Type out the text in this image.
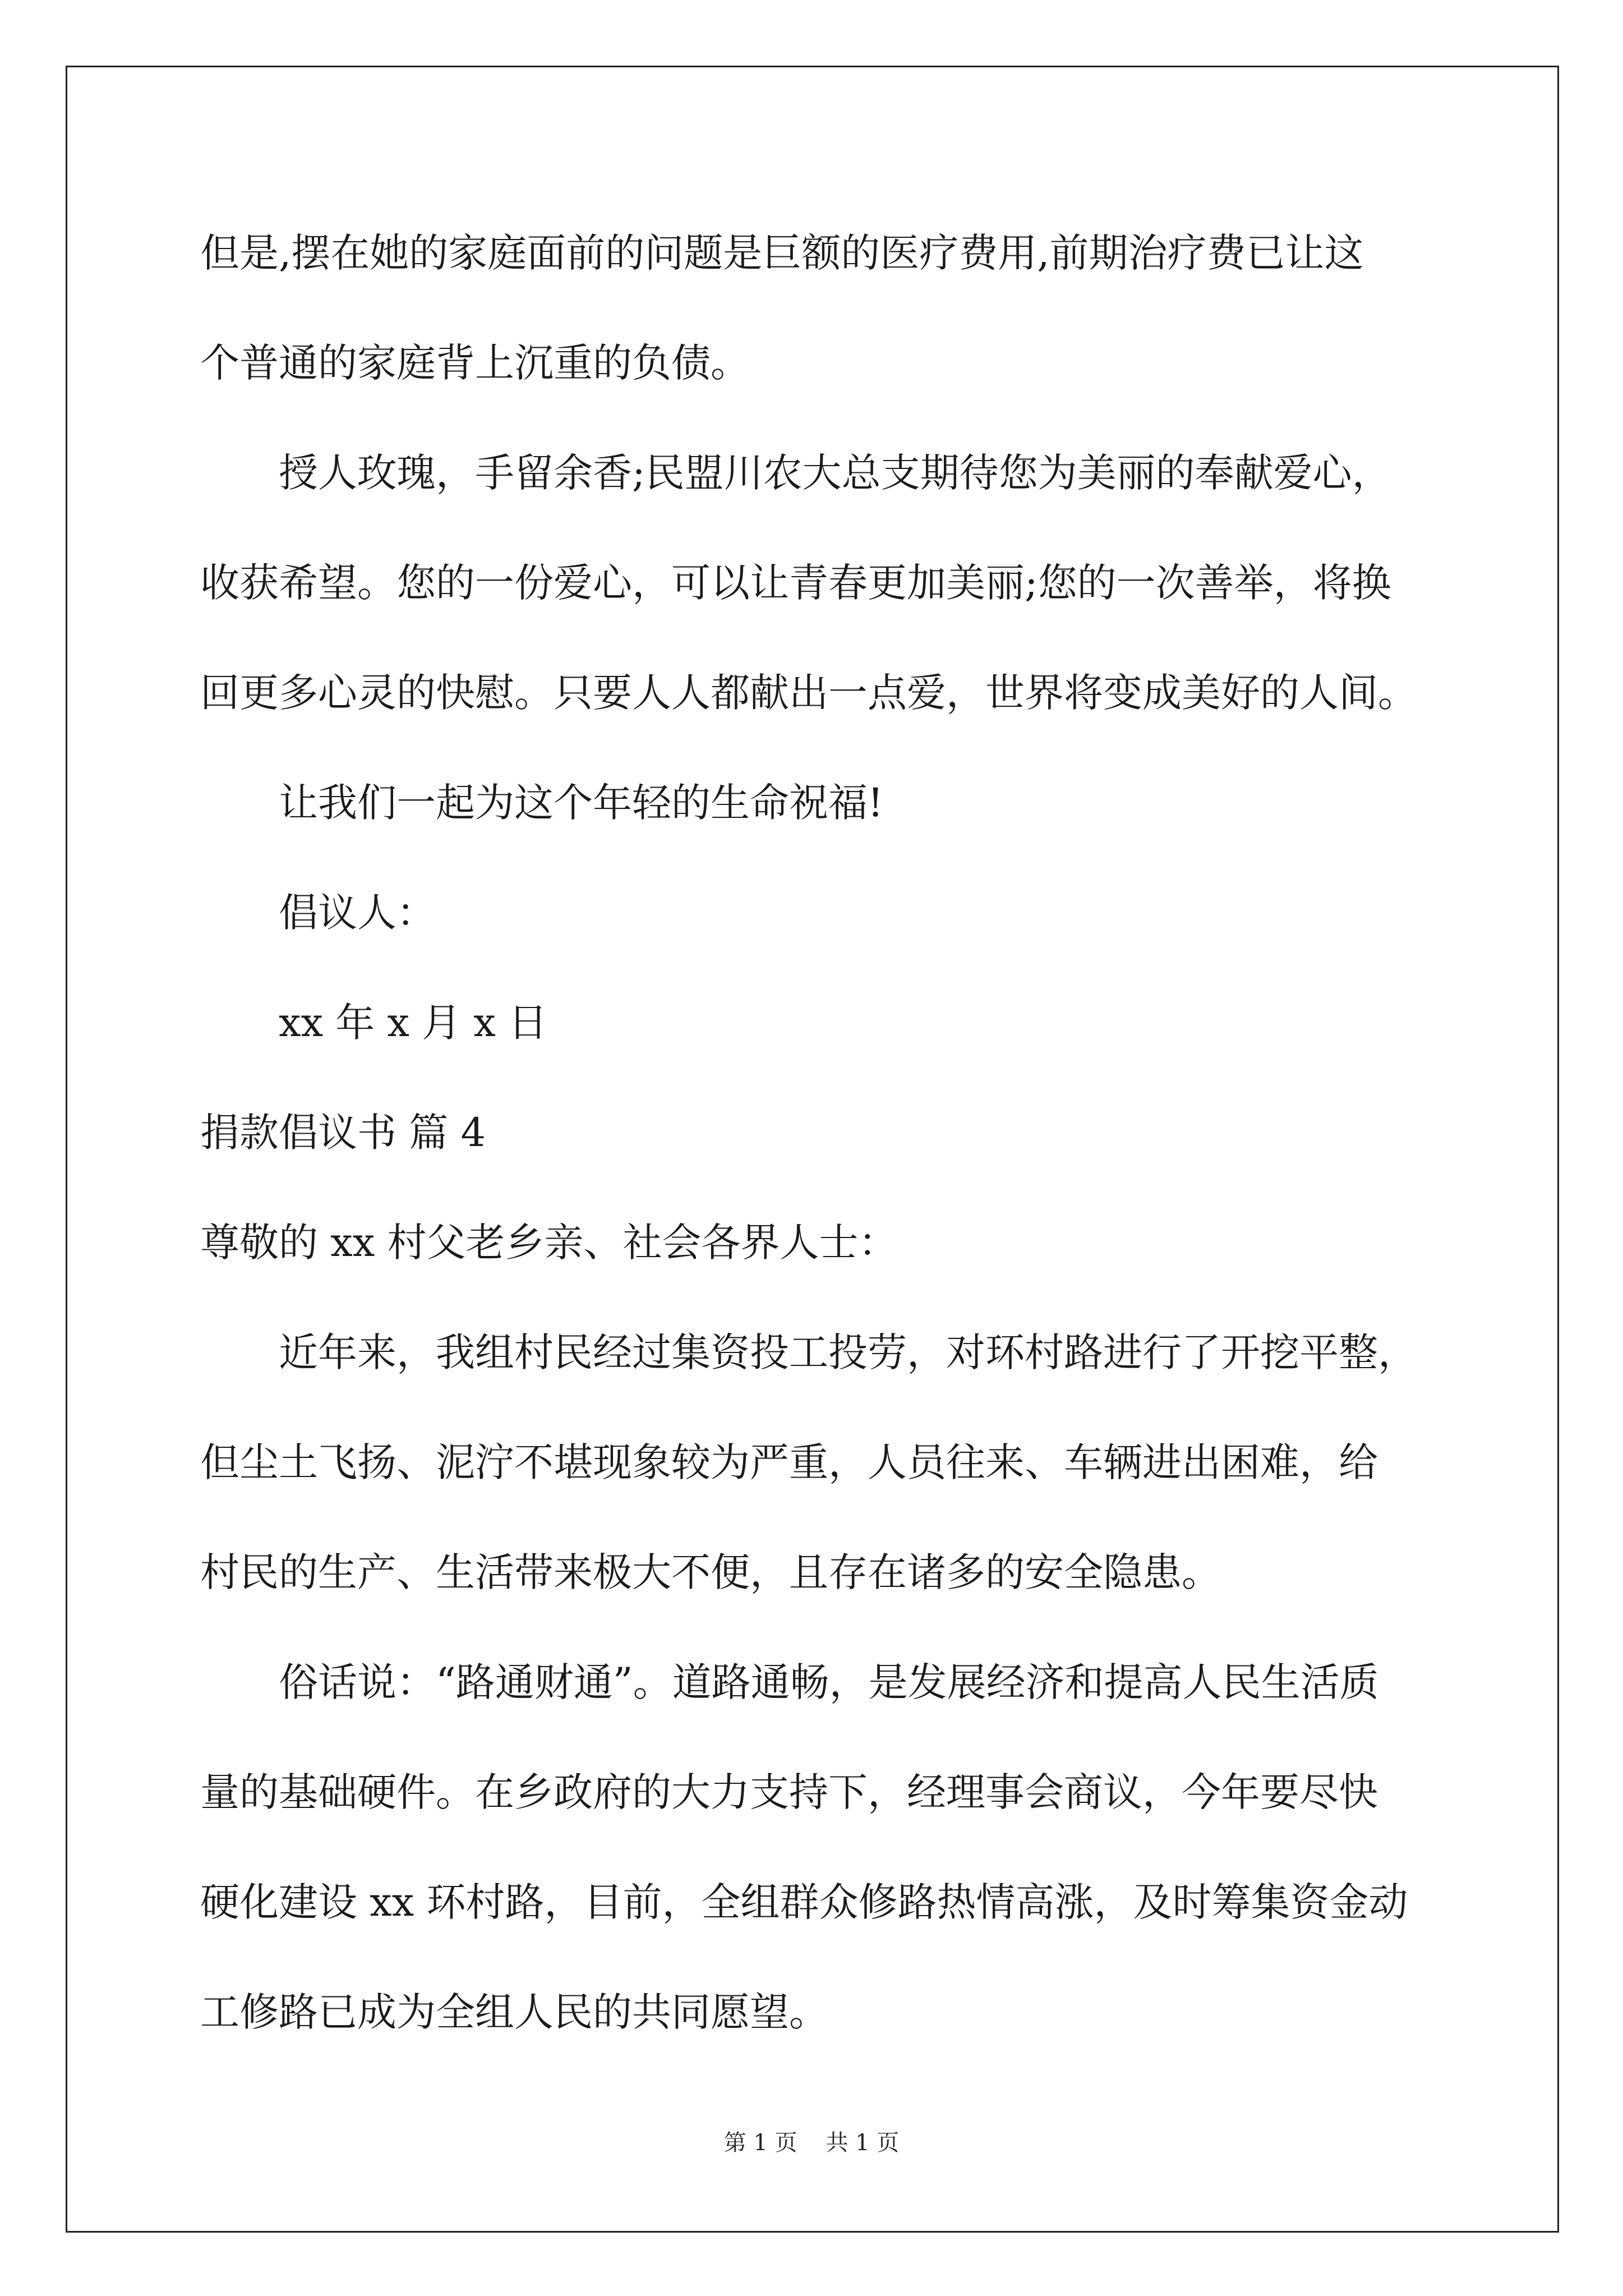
但是,摆在她的家庭面前的问题是巨额的医疗费用,前期治疗费已让这
个普通的家庭背上沉重的负债。
授人玫瑰，手留余香;民盟川农大总支期待您为美丽的奉献爱心，
收获希望。您的一份爱心，可以让青春更加美丽;您的一次善举，将换
回更多心灵的快慰。只要人人都献出一点爱，世界将变成美好的人间。
让我们一起为这个年轻的生命祝福!
倡议人：
xx 年 x 月 x 日
捐款倡议书 篇 4
尊敬的 xx 村父老乡亲、社会各界人士：
近年来，我组村民经过集资投工投劳，对环村路进行了开挖平整，
但尘土飞扬、泥泞不堪现象较为严重，人员往来、车辆进出困难，给
村民的生产、生活带来极大不便，且存在诸多的安全隐患。
俗话说：“路通财通”。道路通畅，是发展经济和提高人民生活质
量的基础硬件。在乡政府的大力支持下，经理事会商议，今年要尽快
硬化建设 xx 环村路，目前，全组群众修路热情高涨，及时筹集资金动
工修路已成为全组人民的共同愿望。
第 1 页    共 1 页
